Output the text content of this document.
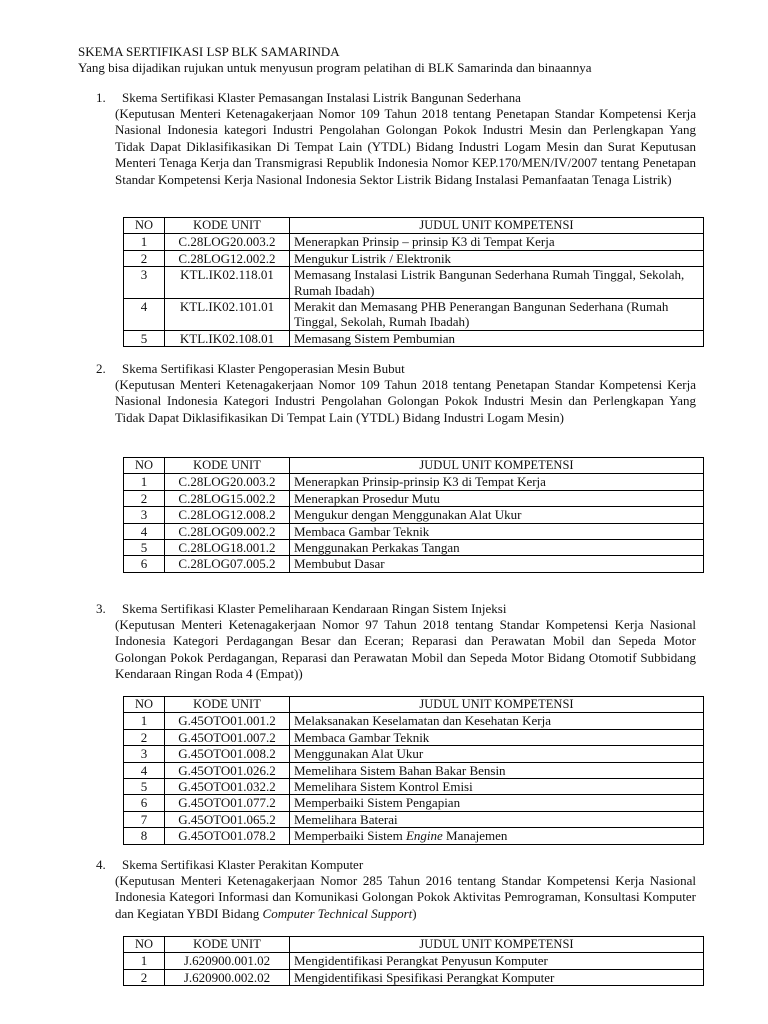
SKEMA SERTIFIKASI LSP BLK SAMARINDA
Yang bisa dijadikan rujukan untuk menyusun program pelatihan di BLK Samarinda dan binaannya
1. Skema Sertifikasi Klaster Pemasangan Instalasi Listrik Bangunan Sederhana
(Keputusan Menteri Ketenagakerjaan Nomor 109 Tahun 2018 tentang Penetapan Standar Kompetensi Kerja Nasional Indonesia kategori Industri Pengolahan Golongan Pokok Industri Mesin dan Perlengkapan Yang Tidak Dapat Diklasifikasikan Di Tempat Lain (YTDL) Bidang Industri Logam Mesin dan Surat Keputusan Menteri Tenaga Kerja dan Transmigrasi Republik Indonesia Nomor KEP.170/MEN/IV/2007 tentang Penetapan Standar Kompetensi Kerja Nasional Indonesia Sektor Listrik Bidang Instalasi Pemanfaatan Tenaga Listrik)
NO	KODE UNIT	JUDUL UNIT KOMPETENSI
1	C.28LOG20.003.2	Menerapkan Prinsip – prinsip K3 di Tempat Kerja
2	C.28LOG12.002.2	Mengukur Listrik / Elektronik
3	KTL.IK02.118.01	Memasang Instalasi Listrik Bangunan Sederhana Rumah Tinggal, Sekolah, Rumah Ibadah)
4	KTL.IK02.101.01	Merakit dan Memasang PHB Penerangan Bangunan Sederhana (Rumah Tinggal, Sekolah, Rumah Ibadah)
5	KTL.IK02.108.01	Memasang Sistem Pembumian
2. Skema Sertifikasi Klaster Pengoperasian Mesin Bubut
(Keputusan Menteri Ketenagakerjaan Nomor 109 Tahun 2018 tentang Penetapan Standar Kompetensi Kerja Nasional Indonesia Kategori Industri Pengolahan Golongan Pokok Industri Mesin dan Perlengkapan Yang Tidak Dapat Diklasifikasikan Di Tempat Lain (YTDL) Bidang Industri Logam Mesin)
NO	KODE UNIT	JUDUL UNIT KOMPETENSI
1	C.28LOG20.003.2	Menerapkan Prinsip-prinsip K3 di Tempat Kerja
2	C.28LOG15.002.2	Menerapkan Prosedur Mutu
3	C.28LOG12.008.2	Mengukur dengan Menggunakan Alat Ukur
4	C.28LOG09.002.2	Membaca Gambar Teknik
5	C.28LOG18.001.2	Menggunakan Perkakas Tangan
6	C.28LOG07.005.2	Membubut Dasar
3. Skema Sertifikasi Klaster Pemeliharaan Kendaraan Ringan Sistem Injeksi
(Keputusan Menteri Ketenagakerjaan Nomor 97 Tahun 2018 tentang Standar Kompetensi Kerja Nasional Indonesia Kategori Perdagangan Besar dan Eceran; Reparasi dan Perawatan Mobil dan Sepeda Motor Golongan Pokok Perdagangan, Reparasi dan Perawatan Mobil dan Sepeda Motor Bidang Otomotif Subbidang Kendaraan Ringan Roda 4 (Empat))
NO	KODE UNIT	JUDUL UNIT KOMPETENSI
1	G.45OTO01.001.2	Melaksanakan Keselamatan dan Kesehatan Kerja
2	G.45OTO01.007.2	Membaca Gambar Teknik
3	G.45OTO01.008.2	Menggunakan Alat Ukur
4	G.45OTO01.026.2	Memelihara Sistem Bahan Bakar Bensin
5	G.45OTO01.032.2	Memelihara Sistem Kontrol Emisi
6	G.45OTO01.077.2	Memperbaiki Sistem Pengapian
7	G.45OTO01.065.2	Memelihara Baterai
8	G.45OTO01.078.2	Memperbaiki Sistem Engine Manajemen
4. Skema Sertifikasi Klaster Perakitan Komputer
(Keputusan Menteri Ketenagakerjaan Nomor 285 Tahun 2016 tentang Standar Kompetensi Kerja Nasional Indonesia Kategori Informasi dan Komunikasi Golongan Pokok Aktivitas Pemrograman, Konsultasi Komputer dan Kegiatan YBDI Bidang Computer Technical Support)
NO	KODE UNIT	JUDUL UNIT KOMPETENSI
1	J.620900.001.02	Mengidentifikasi Perangkat Penyusun Komputer
2	J.620900.002.02	Mengidentifikasi Spesifikasi Perangkat Komputer
